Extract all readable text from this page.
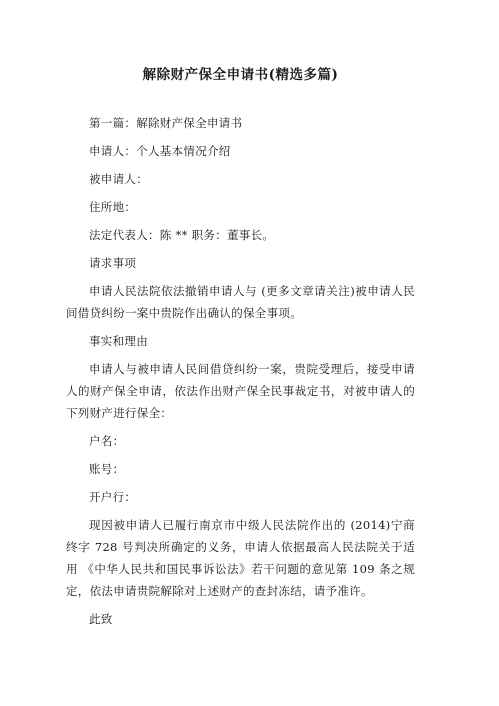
解除财产保全申请书(精选多篇)

第一篇：解除财产保全申请书

申请人：个人基本情况介绍

被申请人：

住所地：

法定代表人：陈 ** 职务：董事长。

请求事项

申请人民法院依法撤销申请人与 (更多文章请关注)被申请人民间借贷纠纷一案中贵院作出确认的保全事项。

事实和理由

申请人与被申请人民间借贷纠纷一案，贵院受理后，接受申请人的财产保全申请，依法作出财产保全民事裁定书，对被申请人的下列财产进行保全：

户名：

账号：

开户行：

现因被申请人已履行南京市中级人民法院作出的 (2014)宁商终字 728 号判决所确定的义务，申请人依据最高人民法院关于适用 《中华人民共和国民事诉讼法》若干问题的意见第 109 条之规定，依法申请贵院解除对上述财产的查封冻结，请予准许。

此致
